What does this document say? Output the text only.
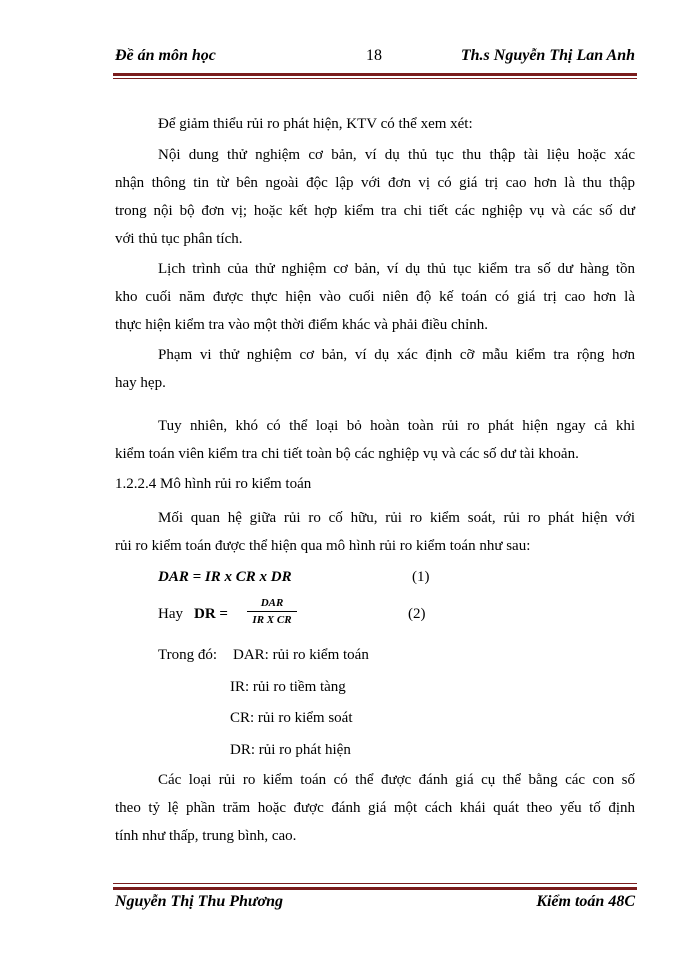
Đề án môn học	18	Th.s Nguyễn Thị Lan Anh
Để giảm thiểu rủi ro phát hiện, KTV có thể xem xét:
Nội dung thử nghiệm cơ bản, ví dụ thủ tục thu thập tài liệu hoặc xác
nhận thông tin từ bên ngoài độc lập với đơn vị có giá trị cao hơn là thu thập
trong nội bộ đơn vị; hoặc kết hợp kiểm tra chi tiết các nghiệp vụ và các số dư
với thủ tục phân tích.
Lịch trình của thử nghiệm cơ bản, ví dụ thủ tục kiểm tra số dư hàng tồn
kho cuối năm được thực hiện vào cuối niên độ kế toán có giá trị cao hơn là
thực hiện kiểm tra vào một thời điểm khác và phải điều chỉnh.
Phạm vi thử nghiệm cơ bản, ví dụ xác định cỡ mẫu kiểm tra rộng hơn
hay hẹp.
Tuy nhiên, khó có thể loại bỏ hoàn toàn rủi ro phát hiện ngay cả khi
kiểm toán viên kiểm tra chi tiết toàn bộ các nghiệp vụ và các số dư tài khoản.
1.2.2.4 Mô hình rủi ro kiểm toán
Mối quan hệ giữa rủi ro cố hữu, rủi ro kiểm soát, rủi ro phát hiện với
rủi ro kiểm toán được thể hiện qua mô hình rủi ro kiểm toán như sau:
DAR = IR x CR x DR	(1)
Hay DR =
DAR
IR X CR	(2)
Trong đó: DAR: rủi ro kiểm toán
IR: rủi ro tiềm tàng
CR: rủi ro kiểm soát
DR: rủi ro phát hiện
Các loại rủi ro kiểm toán có thể được đánh giá cụ thể bằng các con số
theo tỷ lệ phần trăm hoặc được đánh giá một cách khái quát theo yếu tố định
tính như thấp, trung bình, cao.
Nguyễn Thị Thu Phương	Kiểm toán 48C
